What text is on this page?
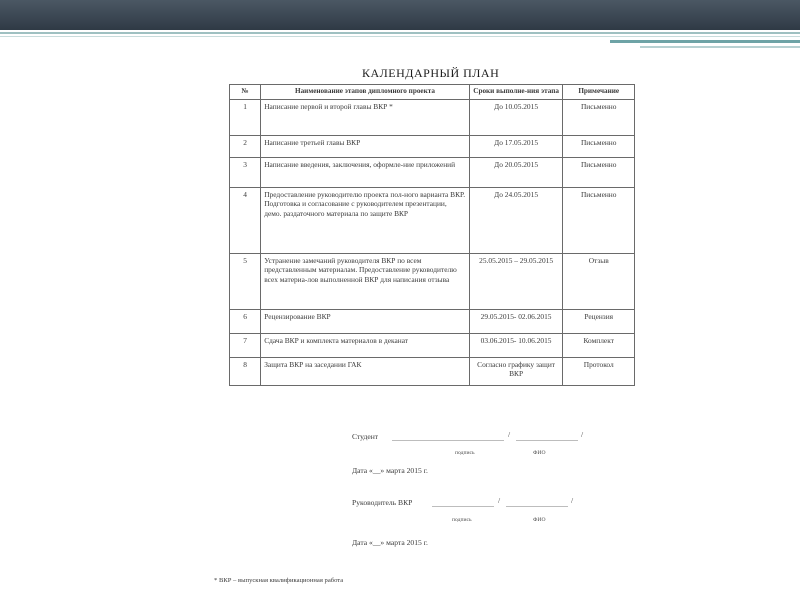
КАЛЕНДАРНЫЙ ПЛАН
№	Наименование этапов дипломного проекта	Сроки выполне-ния этапа	Примечание
1	Написание первой и второй главы ВКР *	До 10.05.2015	Письменно
2	Написание третьей главы ВКР	До 17.05.2015	Письменно
3	Написание введения, заключения, оформле-ние приложений	До 20.05.2015	Письменно
4	Предоставление руководителю проекта пол-ного варианта ВКР. Подготовка и согласование с руководителем презентации, демо. раздаточного материала по защите ВКР	До 24.05.2015	Письменно
5	Устранение замечаний руководителя ВКР по всем представленным материалам. Предоставление руководителю всех материа-лов выполненной ВКР для написания отзыва	25.05.2015 – 29.05.2015	Отзыв
6	Рецензирование ВКР	29.05.2015- 02.06.2015	Рецензия
7	Сдача ВКР и комплекта материалов в деканат	03.06.2015- 10.06.2015	Комплект
8	Защита ВКР на заседании ГАК	Согласно графику защит ВКР	Протокол
Студент	/	/
подпись	ФИО
Дата «__» марта 2015 г.
Руководитель ВКР	/	/
подпись	ФИО
Дата «__» марта 2015 г.
* ВКР – выпускная квалификационная работа
